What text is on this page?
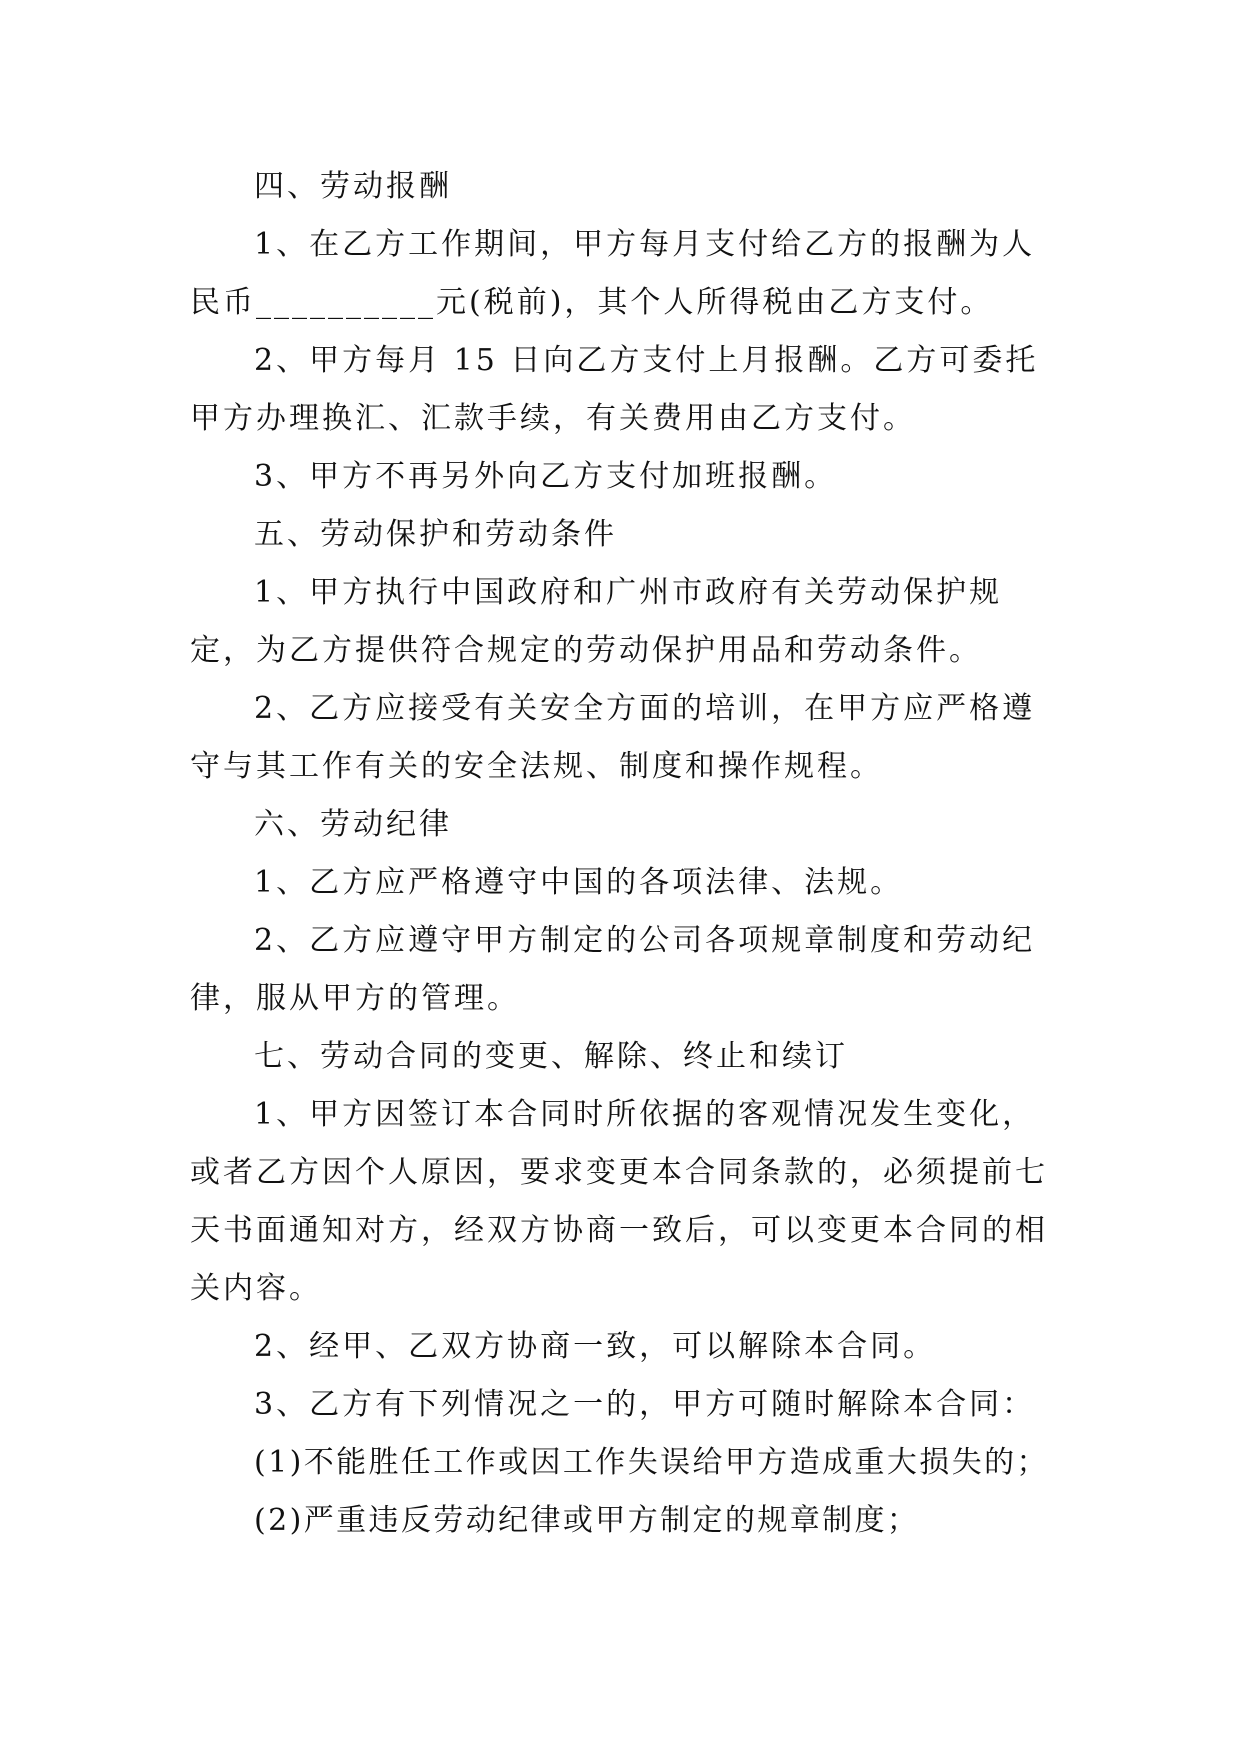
四、劳动报酬

1、在乙方工作期间，甲方每月支付给乙方的报酬为人民币__________元(税前)，其个人所得税由乙方支付。

2、甲方每月 15 日向乙方支付上月报酬。乙方可委托甲方办理换汇、汇款手续，有关费用由乙方支付。

3、甲方不再另外向乙方支付加班报酬。

五、劳动保护和劳动条件

1、甲方执行中国政府和广州市政府有关劳动保护规定，为乙方提供符合规定的劳动保护用品和劳动条件。

2、乙方应接受有关安全方面的培训，在甲方应严格遵守与其工作有关的安全法规、制度和操作规程。

六、劳动纪律

1、乙方应严格遵守中国的各项法律、法规。

2、乙方应遵守甲方制定的公司各项规章制度和劳动纪律，服从甲方的管理。

七、劳动合同的变更、解除、终止和续订

1、甲方因签订本合同时所依据的客观情况发生变化，或者乙方因个人原因，要求变更本合同条款的，必须提前七天书面通知对方，经双方协商一致后，可以变更本合同的相关内容。

2、经甲、乙双方协商一致，可以解除本合同。

3、乙方有下列情况之一的，甲方可随时解除本合同：

(1)不能胜任工作或因工作失误给甲方造成重大损失的；

(2)严重违反劳动纪律或甲方制定的规章制度；
